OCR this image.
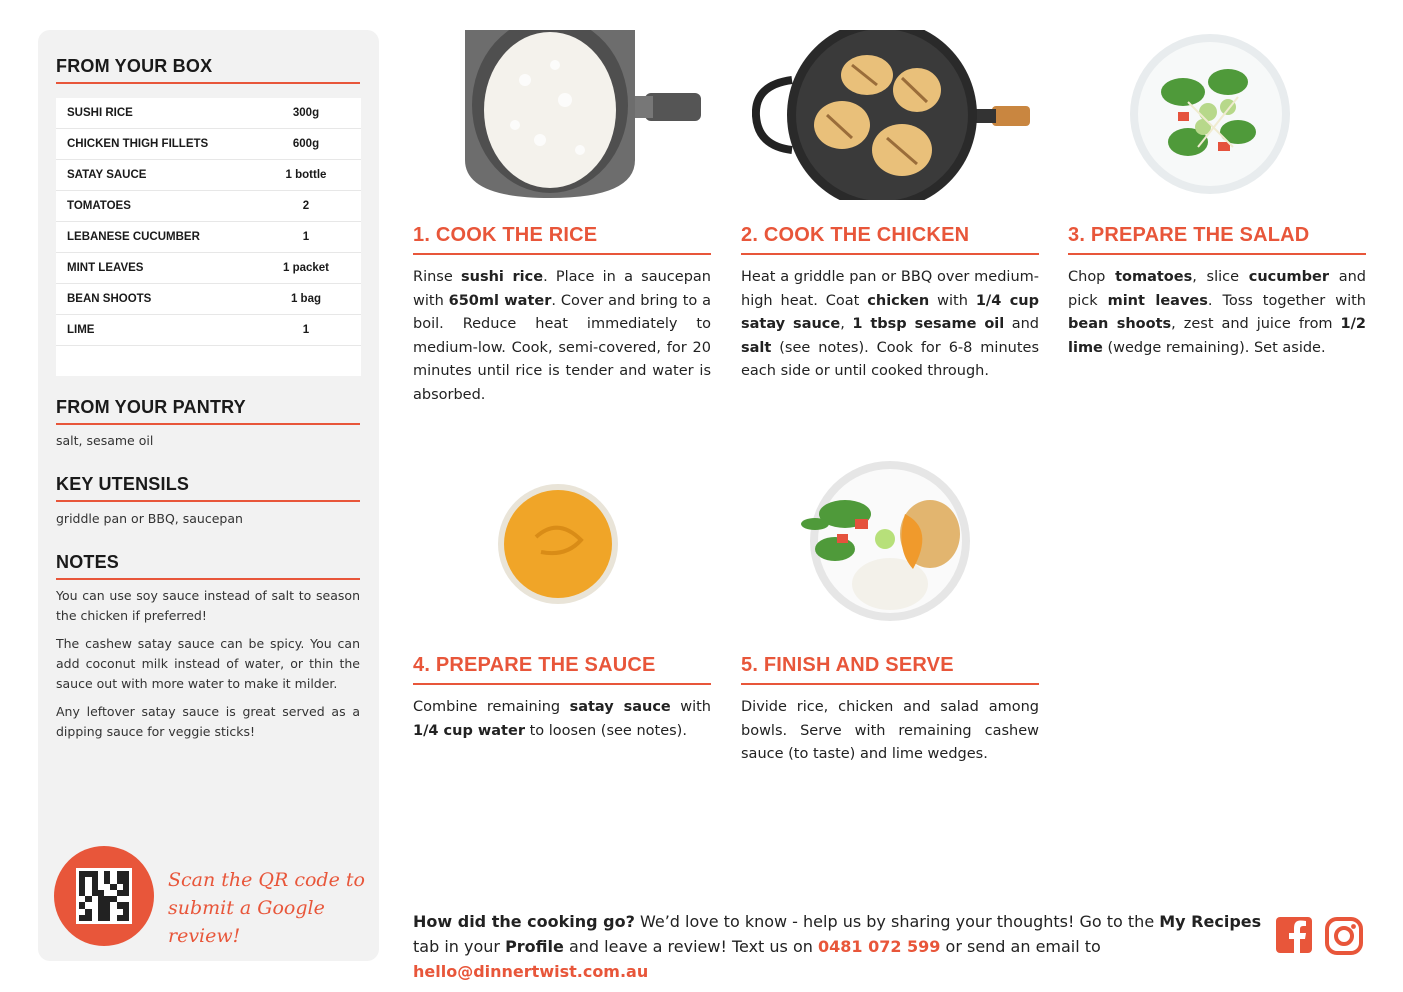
FROM YOUR BOX
SUSHI RICE	300g
CHICKEN THIGH FILLETS	600g
SATAY SAUCE	1 bottle
TOMATOES	2
LEBANESE CUCUMBER	1
MINT LEAVES	1 packet
BEAN SHOOTS	1 bag
LIME	1
FROM YOUR PANTRY
salt, sesame oil
KEY UTENSILS
griddle pan or BBQ, saucepan
NOTES

You can use soy sauce instead of salt to season the chicken if preferred!

The cashew satay sauce can be spicy. You can add coconut milk instead of water, or thin the sauce out with more water to make it milder.

Any leftover satay sauce is great served as a dipping sauce for veggie sticks!

Scan the QR code to
submit a Google review!
1. COOK THE RICE
Rinse sushi rice. Place in a saucepan with 650ml water. Cover and bring to a boil. Reduce heat immediately to medium-low. Cook, semi-covered, for 20 minutes until rice is tender and water is absorbed.
2. COOK THE CHICKEN
Heat a griddle pan or BBQ over medium-high heat. Coat chicken with 1/4 cup satay sauce, 1 tbsp sesame oil and salt (see notes). Cook for 6-8 minutes each side or until cooked through.
3. PREPARE THE SALAD
Chop tomatoes, slice cucumber and pick mint leaves. Toss together with bean shoots, zest and juice from 1/2 lime (wedge remaining). Set aside.
4. PREPARE THE SAUCE
Combine remaining satay sauce with 1/4 cup water to loosen (see notes).
5. FINISH AND SERVE
Divide rice, chicken and salad among bowls. Serve with remaining cashew sauce (to taste) and lime wedges.
How did the cooking go? We’d love to know - help us by sharing your thoughts! Go to the My Recipes tab in your Profile and leave a review! Text us on 0481 072 599 or send an email to hello@dinnertwist.com.au
